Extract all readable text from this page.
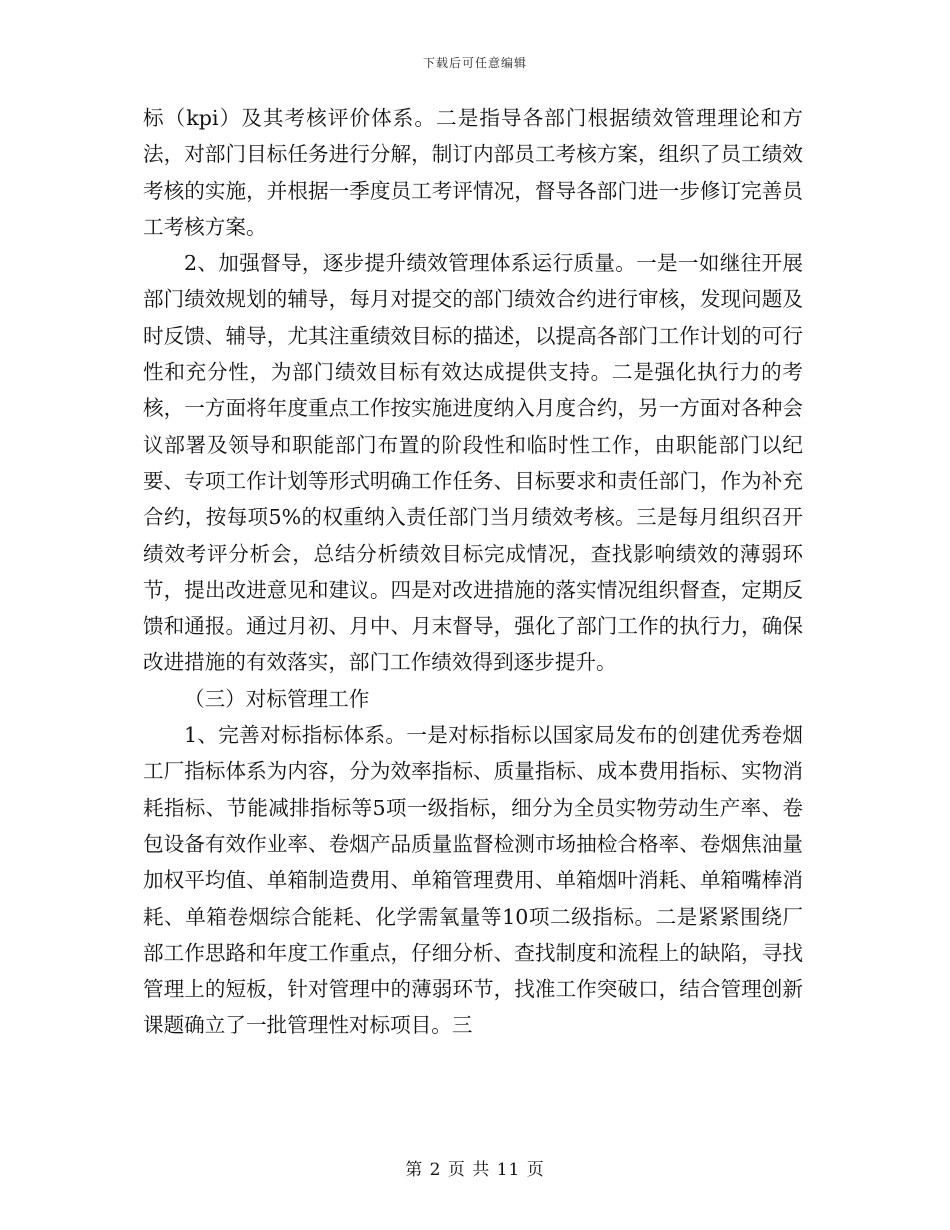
下载后可任意编辑

标（kpi）及其考核评价体系。二是指导各部门根据绩效管理理论和方法，对部门目标任务进行分解，制订内部员工考核方案，组织了员工绩效考核的实施，并根据一季度员工考评情况，督导各部门进一步修订完善员工考核方案。

2、加强督导，逐步提升绩效管理体系运行质量。一是一如继往开展部门绩效规划的辅导，每月对提交的部门绩效合约进行审核，发现问题及时反馈、辅导，尤其注重绩效目标的描述，以提高各部门工作计划的可行性和充分性，为部门绩效目标有效达成提供支持。二是强化执行力的考核，一方面将年度重点工作按实施进度纳入月度合约，另一方面对各种会议部署及领导和职能部门布置的阶段性和临时性工作，由职能部门以纪要、专项工作计划等形式明确工作任务、目标要求和责任部门，作为补充合约，按每项5%的权重纳入责任部门当月绩效考核。三是每月组织召开绩效考评分析会，总结分析绩效目标完成情况，查找影响绩效的薄弱环节，提出改进意见和建议。四是对改进措施的落实情况组织督查，定期反馈和通报。通过月初、月中、月末督导，强化了部门工作的执行力，确保改进措施的有效落实，部门工作绩效得到逐步提升。

（三）对标管理工作

1、完善对标指标体系。一是对标指标以国家局发布的创建优秀卷烟工厂指标体系为内容，分为效率指标、质量指标、成本费用指标、实物消耗指标、节能减排指标等5项一级指标，细分为全员实物劳动生产率、卷包设备有效作业率、卷烟产品质量监督检测市场抽检合格率、卷烟焦油量加权平均值、单箱制造费用、单箱管理费用、单箱烟叶消耗、单箱嘴棒消耗、单箱卷烟综合能耗、化学需氧量等10项二级指标。二是紧紧围绕厂部工作思路和年度工作重点，仔细分析、查找制度和流程上的缺陷，寻找管理上的短板，针对管理中的薄弱环节，找准工作突破口，结合管理创新课题确立了一批管理性对标项目。三

第 2 页 共 11 页
